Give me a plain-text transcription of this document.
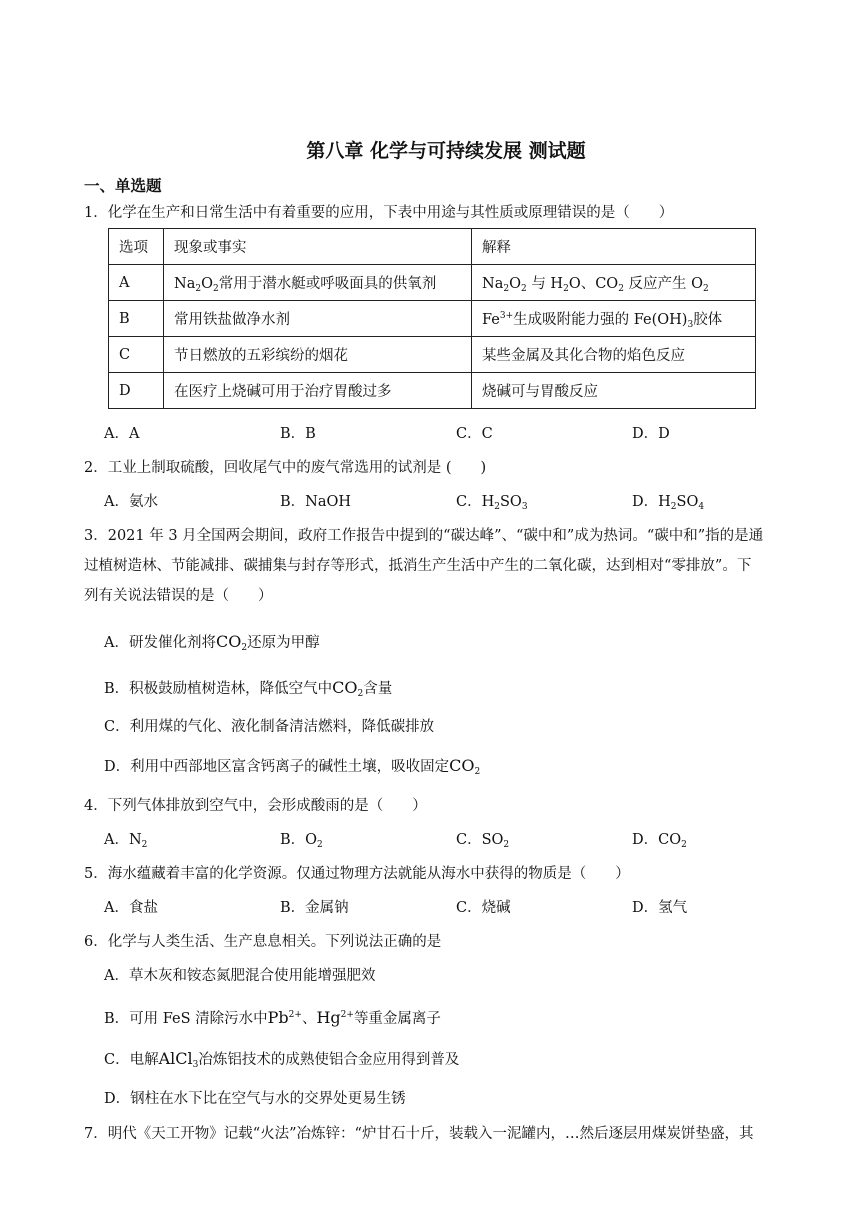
第八章 化学与可持续发展 测试题
一、单选题
1．化学在生产和日常生活中有着重要的应用，下表中用途与其性质或原理错误的是（　　）
选项	现象或事实	解释
A	$Na_2O_2$常用于潜水艇或呼吸面具的供氧剂	$Na_2O_2$ 与 $H_2O$、$CO_2$ 反应产生 $O_2$
B	常用铁盐做净水剂	$Fe^{3+}$生成吸附能力强的 $Fe(OH)_3$胶体
C	节日燃放的五彩缤纷的烟花	某些金属及其化合物的焰色反应
D	在医疗上烧碱可用于治疗胃酸过多	烧碱可与胃酸反应
A．A	B．B	C．C	D．D
2．工业上制取硫酸，回收尾气中的废气常选用的试剂是 (　　)
A．氨水	B．NaOH	C．$H_2SO_3$	D．$H_2SO_4$
3．2021 年 3 月全国两会期间，政府工作报告中提到的“碳达峰”、“碳中和”成为热词。“碳中和”指的是通
过植树造林、节能减排、碳捕集与封存等形式，抵消生产生活中产生的二氧化碳，达到相对“零排放”。下
列有关说法错误的是（　　）
A．研发催化剂将$CO_2$还原为甲醇
B．积极鼓励植树造林，降低空气中$CO_2$含量
C．利用煤的气化、液化制备清洁燃料，降低碳排放
D．利用中西部地区富含钙离子的碱性土壤，吸收固定$CO_2$
4．下列气体排放到空气中，会形成酸雨的是（　　）
A．$N_2$	B．$O_2$	C．$SO_2$	D．$CO_2$
5．海水蕴藏着丰富的化学资源。仅通过物理方法就能从海水中获得的物质是（　　）
A．食盐	B．金属钠	C．烧碱	D．氢气
6．化学与人类生活、生产息息相关。下列说法正确的是
A．草木灰和铵态氮肥混合使用能增强肥效
B．可用 FeS 清除污水中$Pb^{2+}$、$Hg^{2+}$等重金属离子
C．电解AlCl$_3$冶炼铝技术的成熟使铝合金应用得到普及
D．钢柱在水下比在空气与水的交界处更易生锈
7．明代《天工开物》记载“火法”冶炼锌：“炉甘石十斤，装载入一泥罐内，…然后逐层用煤炭饼垫盛，其
